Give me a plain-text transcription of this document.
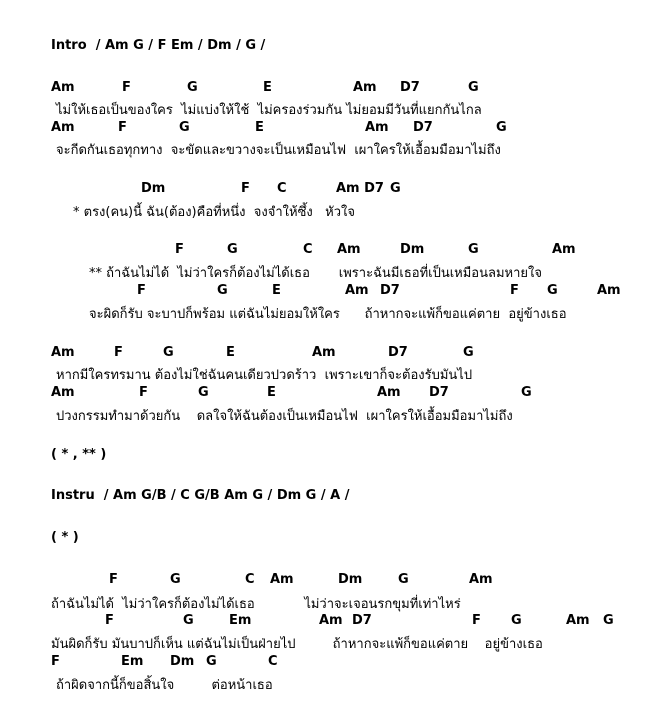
Intro  / Am G / F Em / Dm / G /
Am	F	G	E	Am D7	G
ไม่ให้เธอเป็นของใคร  ไม่แบ่งให้ใช้  ไม่ครองร่วมกัน ไม่ยอมมีวันที่แยกกันไกล
Am	F	G	E	Am D7	G
จะกีดกันเธอทุกทาง  จะขัดและขวางจะเป็นเหมือนไฟ  เผาใครให้เอื้อมมือมาไม่ถึง
Dm	F C	Am D7 G
* ตรง(คน)นี้ ฉัน(ต้อง)คือที่หนึ่ง  จงจำให้ซึ้ง   หัวใจ
F	G	C Am	Dm	G	Am
** ถ้าฉันไม่ได้  ไม่ว่าใครก็ต้องไม่ได้เธอ       เพราะฉันมีเธอที่เป็นเหมือนลมหายใจ
F	G	E	Am D7	F G	Am
จะผิดก็รับ จะบาปก็พร้อม แต่ฉันไม่ยอมให้ใคร      ถ้าหากจะแพ้ก็ขอแค่ตาย  อยู่ข้างเธอ
Am	F	G	E	Am	D7	G
หากมีใครทรมาน ต้องไม่ใช่ฉันคนเดียวปวดร้าว  เพราะเขาก็จะต้องรับมันไป
Am	F	G	E	Am D7	G
ปวงกรรมทำมาด้วยกัน    ดลใจให้ฉันต้องเป็นเหมือนไฟ  เผาใครให้เอื้อมมือมาไม่ถึง
( * , ** )
Instru  / Am G/B / C G/B Am G / Dm G / A /
( * )
F	G	C Am	Dm	G	Am
ถ้าฉันไม่ได้  ไม่ว่าใครก็ต้องไม่ได้เธอ            ไม่ว่าจะเจอนรกขุมที่เท่าไหร่
F	G	Em	Am D7	F G	Am G
มันผิดก็รับ มันบาปก็เห็น แต่ฉันไม่เป็นฝ่ายไป         ถ้าหากจะแพ้ก็ขอแค่ตาย    อยู่ข้างเธอ
F	Em Dm G	C
ถ้าผิดจากนี้ก็ขอสิ้นใจ         ต่อหน้าเธอ
